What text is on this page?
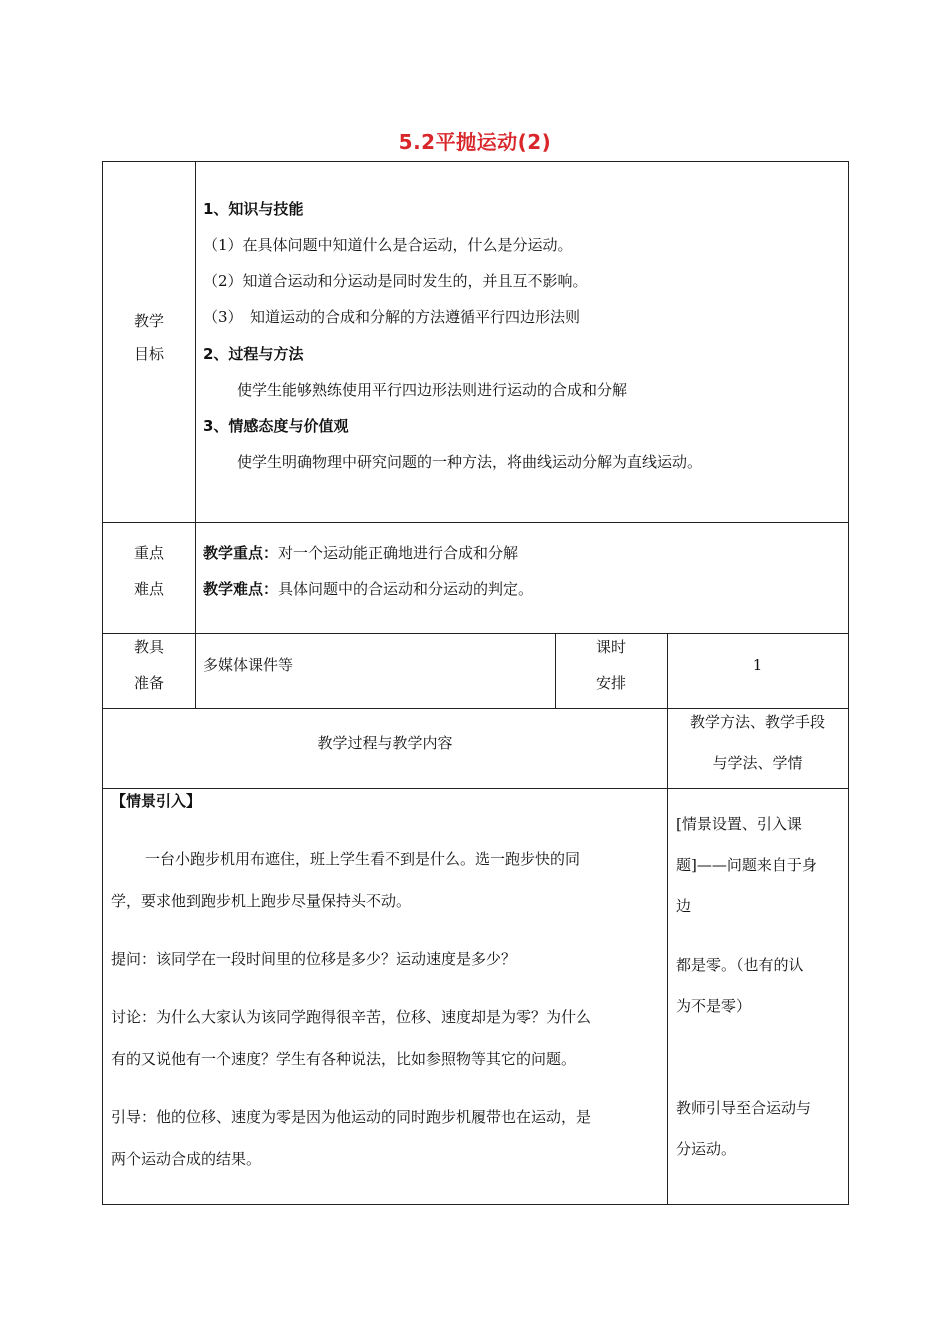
5.2平抛运动(2)
教学
目标
1、知识与技能
（1）在具体问题中知道什么是合运动，什么是分运动。
（2）知道合运动和分运动是同时发生的，并且互不影响。
（3）　知道运动的合成和分解的方法遵循平行四边形法则
2、过程与方法
使学生能够熟练使用平行四边形法则进行运动的合成和分解
3、情感态度与价值观
使学生明确物理中研究问题的一种方法，将曲线运动分解为直线运动。
重点
难点
教学重点：对一个运动能正确地进行合成和分解
教学难点：具体问题中的合运动和分运动的判定。
教具
准备
多媒体课件等
课时
安排
1
教学过程与教学内容
教学方法、教学手段
与学法、学情
【情景引入】
一台小跑步机用布遮住，班上学生看不到是什么。选一跑步快的同
学，要求他到跑步机上跑步尽量保持头不动。
提问：该同学在一段时间里的位移是多少？运动速度是多少？
讨论：为什么大家认为该同学跑得很辛苦，位移、速度却是为零？为什么
有的又说他有一个速度？学生有各种说法，比如参照物等其它的问题。
引导：他的位移、速度为零是因为他运动的同时跑步机履带也在运动，是
两个运动合成的结果。
[情景设置、引入课
题]——问题来自于身
边
都是零。（也有的认
为不是零）
教师引导至合运动与
分运动。
